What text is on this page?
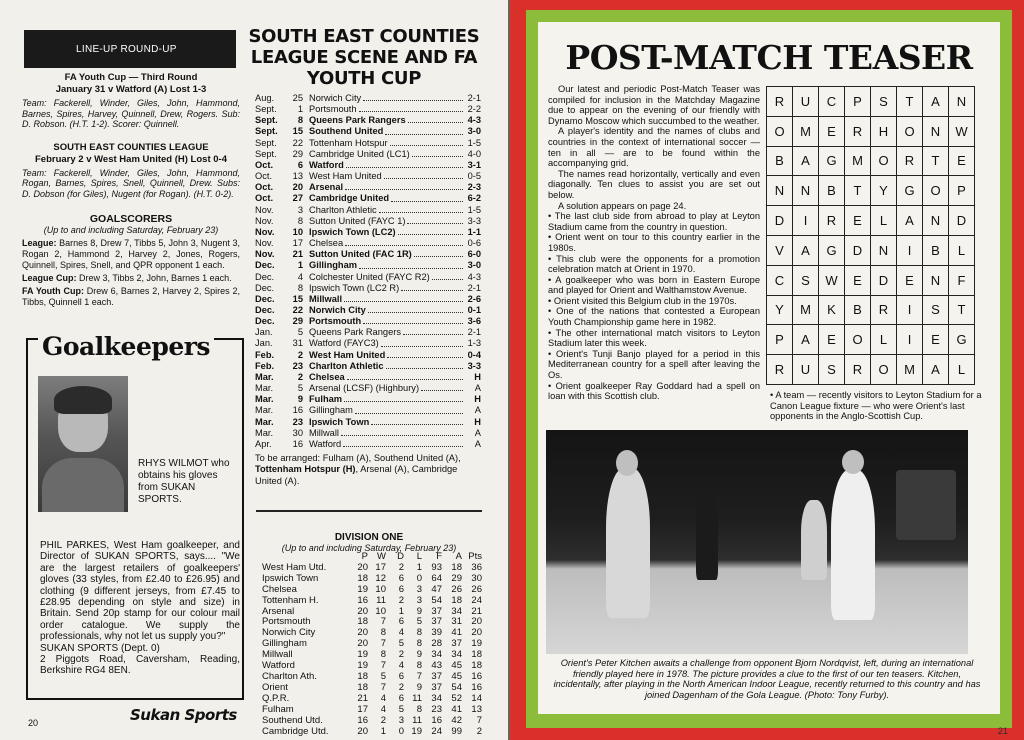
LINE-UP ROUND-UP
FA Youth Cup — Third Round
January 31 v Watford (A) Lost 1-3
Team: Fackerell, Winder, Giles, John, Hammond, Barnes, Spires, Harvey, Quinnell, Drew, Rogers. Sub: D. Robson. (H.T. 1-2). Scorer: Quinnell.
SOUTH EAST COUNTIES LEAGUE
February 2 v West Ham United (H) Lost 0-4
Team: Fackerell, Winder, Giles, John, Hammond, Rogan, Barnes, Spires, Snell, Quinnell, Drew. Subs: D. Dobson (for Giles), Nugent (for Rogan). (H.T. 0-2).
GOALSCORERS
(Up to and including Saturday, February 23)
League: Barnes 8, Drew 7, Tibbs 5, John 3, Nugent 3, Rogan 2, Hammond 2, Harvey 2, Jones, Rogers, Quinnell, Spires, Snell, and QPR opponent 1 each.
League Cup: Drew 3, Tibbs 2, John, Barnes 1 each.
FA Youth Cup: Drew 6, Barnes 2, Harvey 2, Spires 2, Tibbs, Quinnell 1 each.
Goalkeepers
RHYS WILMOT who obtains his gloves from SUKAN SPORTS.
PHIL PARKES, West Ham goalkeeper, and Director of SUKAN SPORTS, says.... "We are the largest retailers of goalkeepers' gloves (33 styles, from £2.40 to £26.95) and clothing (9 different jerseys, from £7.45 to £28.95 depending on style and size) in Britain. Send 20p stamp for our colour mail order catalogue. We supply the professionals, why not let us supply you?"
SUKAN SPORTS (Dept. 0)
2 Piggots Road, Caversham, Reading, Berkshire RG4 8EN.
Sukan Sports
20
SOUTH EAST COUNTIES LEAGUE SCENE AND FA YOUTH CUP
Aug.	25 Norwich City	2-1
Sept.	1 Portsmouth	2-2
Sept.	8 Queens Park Rangers	4-3
Sept.	15 Southend United	3-0
Sept.	22 Tottenham Hotspur	1-5
Sept.	29 Cambridge United (LC1)	4-0
Oct.	6 Watford	3-1
Oct.	13 West Ham United	0-5
Oct.	20 Arsenal	2-3
Oct.	27 Cambridge United	6-2
Nov.	3 Charlton Athletic	1-5
Nov.	8 Sutton United (FAYC 1)	3-3
Nov.	10 Ipswich Town (LC2)	1-1
Nov.	17 Chelsea	0-6
Nov.	21 Sutton United (FAC 1R)	6-0
Dec.	1 Gillingham	3-0
Dec.	4 Colchester United (FAYC R2)	4-3
Dec.	8 Ipswich Town (LC2 R)	2-1
Dec.	15 Millwall	2-6
Dec.	22 Norwich City	0-1
Dec.	29 Portsmouth	3-6
Jan.	5 Queens Park Rangers	2-1
Jan.	31 Watford (FAYC3)	1-3
Feb.	2 West Ham United	0-4
Feb.	23 Charlton Athletic	3-3
Mar.	2 Chelsea	H
Mar.	5 Arsenal (LCSF) (Highbury)	A
Mar.	9 Fulham	H
Mar.	16 Gillingham	A
Mar.	23 Ipswich Town	H
Mar.	30 Millwall	A
Apr.	16 Watford	A
To be arranged: Fulham (A), Southend United (A), Tottenham Hotspur (H), Arsenal (A), Cambridge United (A).
DIVISION ONE
(Up to and including Saturday, February 23)
P W	D	L	F	A Pts
West Ham Utd.	20 17	2	1 93 18 36
Ipswich Town	18 12	6	0 64 29 30
Chelsea	19 10	6	3 47 26 26
Tottenham H.	16 11	2	3 54 18 24
Arsenal	20 10	1	9 37 34 21
Portsmouth	18	7	6	5 37 31 20
Norwich City	20	8	4	8 39 41 20
Gillingham	20	7	5	8 28 37 19
Millwall	19	8	2	9 34 34 18
Watford	19	7	4	8 43 45 18
Charlton Ath.	18	5	6	7 37 45 16
Orient	18	7	2	9 37 54 16
Q.P.R.	21	4	6 11 34 52 14
Fulham	17	4	5	8 23 41 13
Southend Utd.	16	2	3 11 16 42	7
Cambridge Utd.	20	1	0 19 24 99	2
POST-MATCH TEASER

Our latest and periodic Post-Match Teaser was compiled for inclusion in the Matchday Magazine due to appear on the evening of our friendly with Dynamo Moscow which succumbed to the weather.

A player's identity and the names of clubs and countries in the context of international soccer — ten in all — are to be found within the accompanying grid.

The names read horizontally, vertically and even diagonally. Ten clues to assist you are set out below.

A solution appears on page 24.

• The last club side from abroad to play at Leyton Stadium came from the country in question.

• Orient went on tour to this country earlier in the 1980s.

• This club were the opponents for a promotion celebration match at Orient in 1970.

• A goalkeeper who was born in Eastern Europe and played for Orient and Walthamstow Avenue.

• Orient visited this Belgium club in the 1970s.

• One of the nations that contested a European Youth Championship game here in 1982.

• The other international match visitors to Leyton Stadium later this week.

• Orient's Tunji Banjo played for a period in this Mediterranean country for a spell after leaving the Os.

• Orient goalkeeper Ray Goddard had a spell on loan with this Scottish club.

R	U	C	P	S	T	A	N
O	M	E	R	H	O	N	W
B	A	G	M	O	R	T	E
N	N	B	T	Y	G	O	P
D	I	R	E	L	A	N	D
V	A	G	D	N	I	B	L
C	S	W	E	D	E	N	F
Y	M	K	B	R	I	S	T
P	A	E	O	L	I	E	G
R	U	S	R	O	M	A	L
• A team — recently visitors to Leyton Stadium for a Canon League fixture — who were Orient's last opponents in the Anglo-Scottish Cup.
Orient's Peter Kitchen awaits a challenge from opponent Bjorn Nordqvist, left, during an international friendly played here in 1978. The picture provides a clue to the first of our ten teasers. Kitchen, incidentally, after playing in the North American Indoor League, recently returned to this country and has joined Dagenham of the Gola League. (Photo: Tony Furby).
21
